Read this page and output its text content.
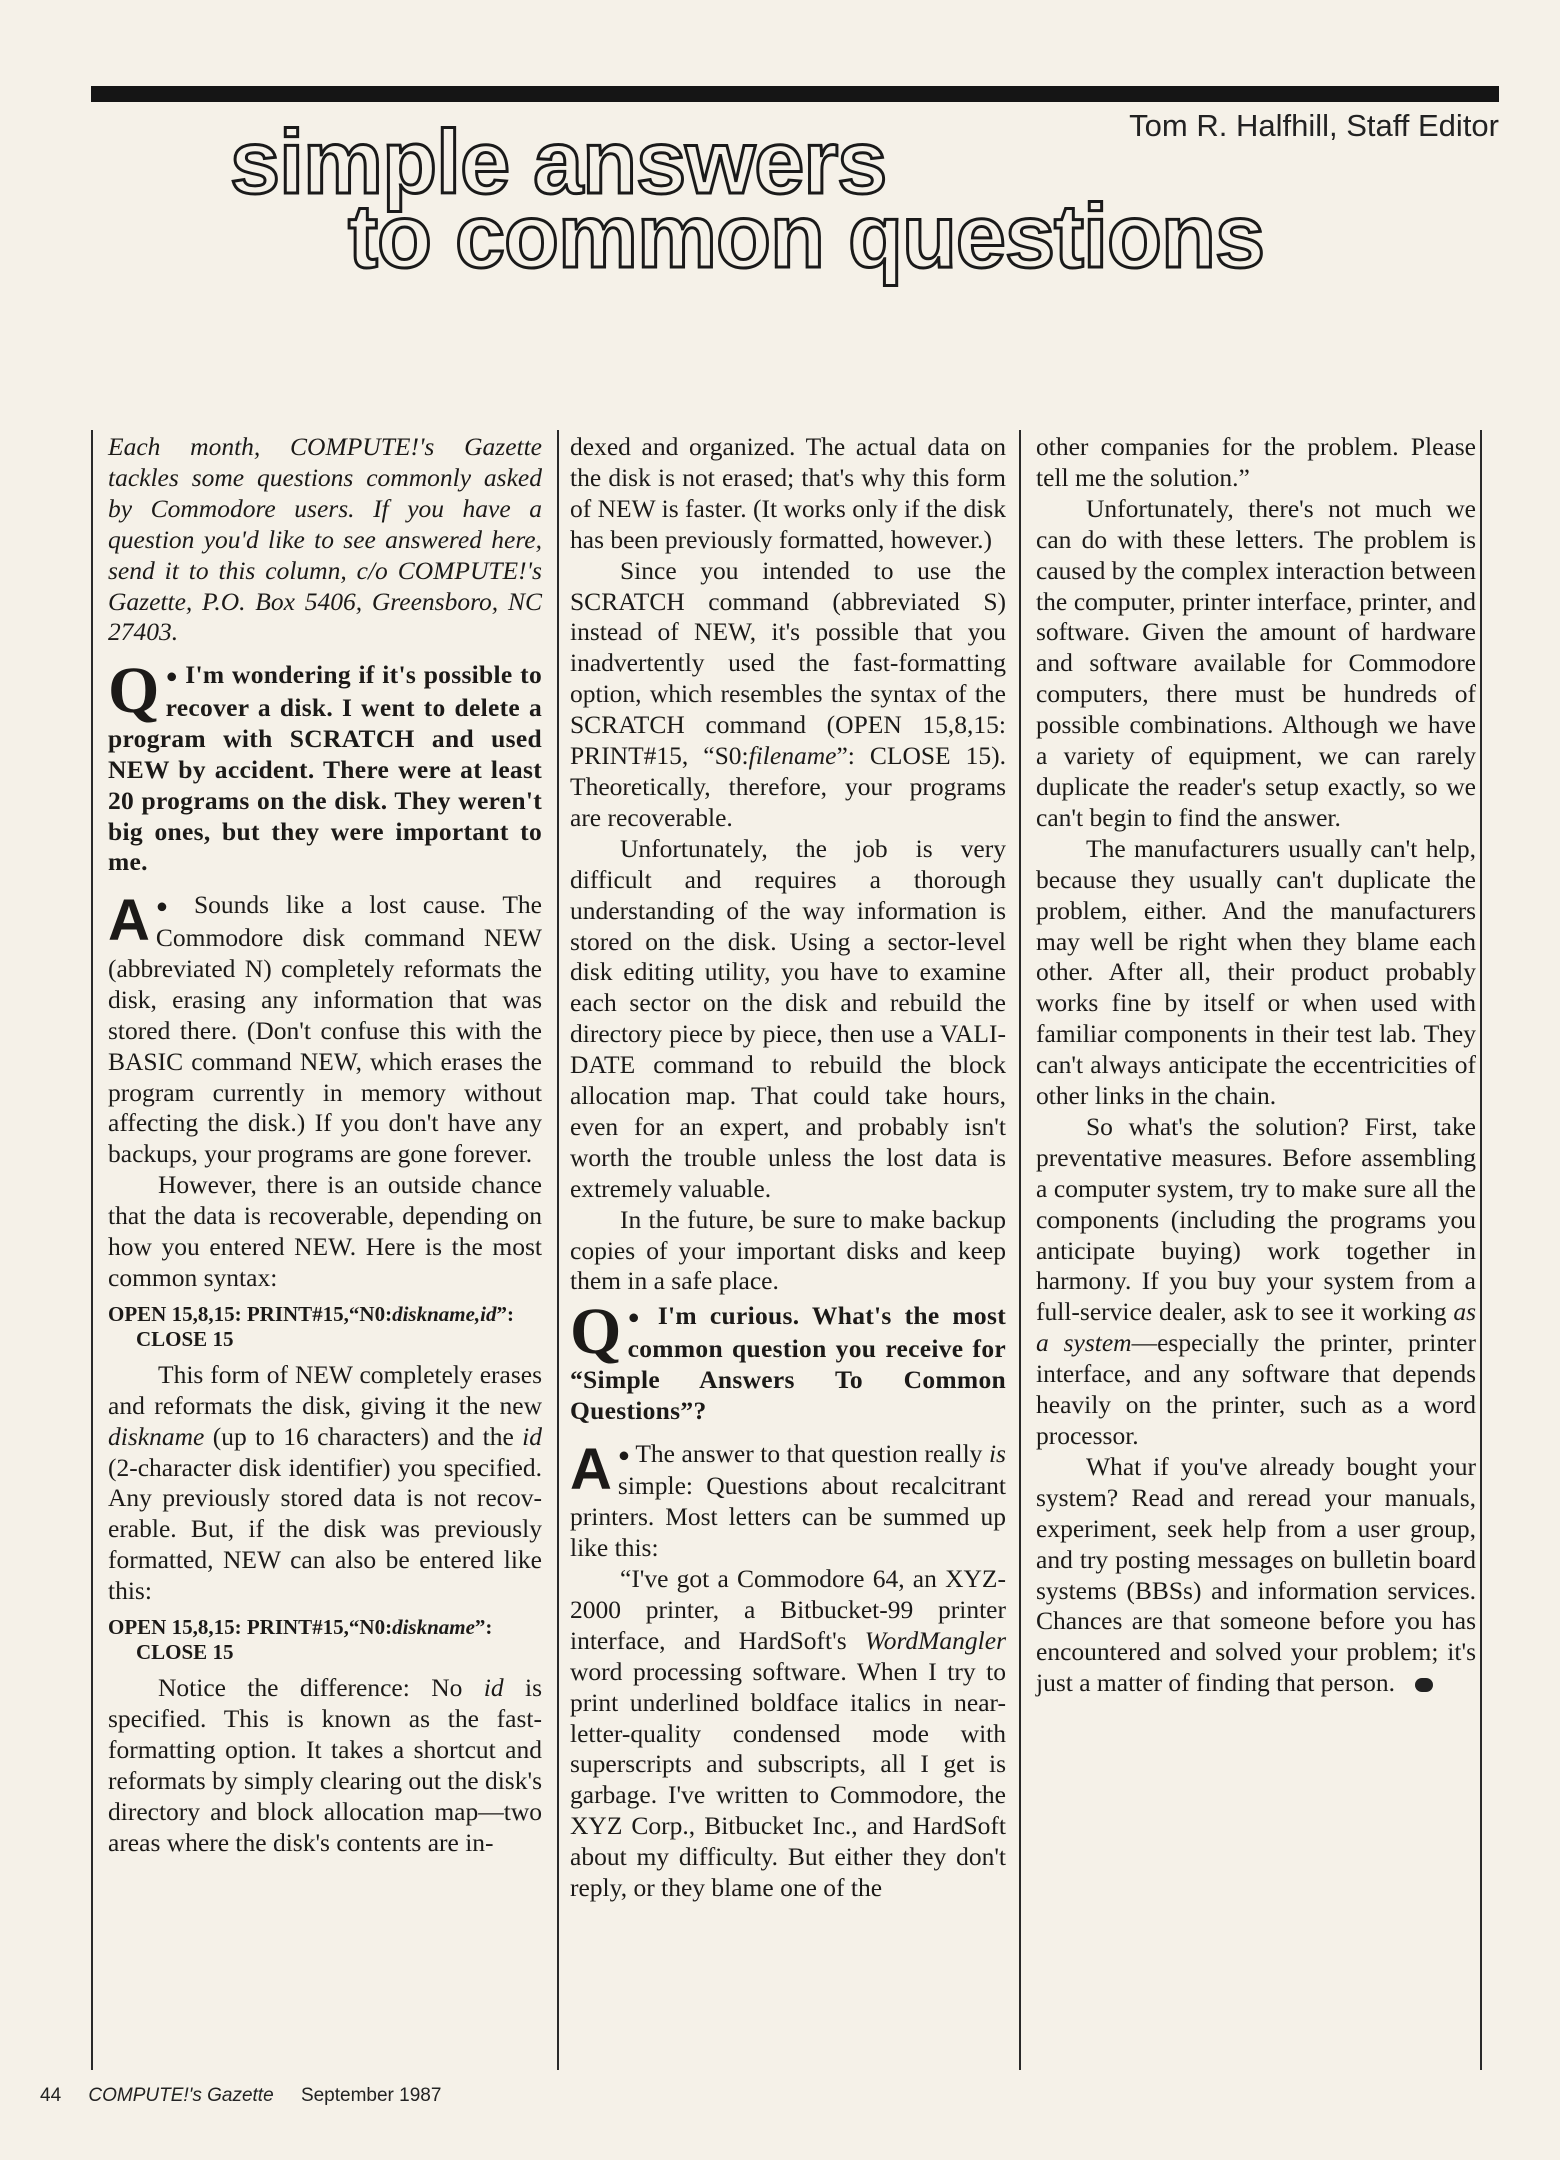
simple answers
to common questions
Tom R. Halfhill, Staff Editor

Each month, COMPUTE!'s Gazette tackles some questions commonly asked by Commodore users. If you have a question you'd like to see answered here, send it to this column, c/o COMPUTE!'s Gazette, P.O. Box 5406, Greensboro, NC 27403.

Q ● I'm wondering if it's possible to recover a disk. I went to delete a program with SCRATCH and used NEW by accident. There were at least 20 programs on the disk. They weren't big ones, but they were important to me.

A ● Sounds like a lost cause. The Commodore disk command NEW (abbreviated N) completely reformats the disk, erasing any information that was stored there. (Don't confuse this with the BASIC command NEW, which erases the program currently in memory without affecting the disk.) If you don't have any backups, your programs are gone forever.

However, there is an outside chance that the data is recoverable, depending on how you entered NEW. Here is the most common syntax:

OPEN 15,8,15: PRINT#15,“N0:diskname,id”: CLOSE 15

This form of NEW completely erases and reformats the disk, giving it the new diskname (up to 16 characters) and the id (2-character disk identifier) you specified. Any previously stored data is not recoverable. But, if the disk was previously formatted, NEW can also be entered like this:

OPEN 15,8,15: PRINT#15,“N0:diskname”: CLOSE 15

Notice the difference: No id is specified. This is known as the fast-formatting option. It takes a shortcut and reformats by simply clearing out the disk's directory and block allocation map—two areas where the disk's contents are in-

dexed and organized. The actual data on the disk is not erased; that's why this form of NEW is faster. (It works only if the disk has been previously formatted, however.)

Since you intended to use the SCRATCH command (abbreviated S) instead of NEW, it's possible that you inadvertently used the fast-formatting option, which resembles the syntax of the SCRATCH command (OPEN 15,8,15: PRINT#15, “S0:filename”: CLOSE 15). Theoretically, therefore, your programs are recoverable.

Unfortunately, the job is very difficult and requires a thorough understanding of the way information is stored on the disk. Using a sector-level disk editing utility, you have to examine each sector on the disk and rebuild the directory piece by piece, then use a VALIDATE command to rebuild the block allocation map. That could take hours, even for an expert, and probably isn't worth the trouble unless the lost data is extremely valuable.

In the future, be sure to make backup copies of your important disks and keep them in a safe place.

Q ● I'm curious. What's the most common question you receive for “Simple Answers To Common Questions”?

A ● The answer to that question really is simple: Questions about recalcitrant printers. Most letters can be summed up like this:

“I've got a Commodore 64, an XYZ-2000 printer, a Bitbucket-99 printer interface, and HardSoft's WordMangler word processing software. When I try to print underlined boldface italics in near-letter-quality condensed mode with superscripts and subscripts, all I get is garbage. I've written to Commodore, the XYZ Corp., Bitbucket Inc., and HardSoft about my difficulty. But either they don't reply, or they blame one of the

other companies for the problem. Please tell me the solution.”

Unfortunately, there's not much we can do with these letters. The problem is caused by the complex interaction between the computer, printer interface, printer, and software. Given the amount of hardware and software available for Commodore computers, there must be hundreds of possible combinations. Although we have a variety of equipment, we can rarely duplicate the reader's setup exactly, so we can't begin to find the answer.

The manufacturers usually can't help, because they usually can't duplicate the problem, either. And the manufacturers may well be right when they blame each other. After all, their product probably works fine by itself or when used with familiar components in their test lab. They can't always anticipate the eccentricities of other links in the chain.

So what's the solution? First, take preventative measures. Before assembling a computer system, try to make sure all the components (including the programs you anticipate buying) work together in harmony. If you buy your system from a full-service dealer, ask to see it working as a system—especially the printer, printer interface, and any software that depends heavily on the printer, such as a word processor.

What if you've already bought your system? Read and reread your manuals, experiment, seek help from a user group, and try posting messages on bulletin board systems (BBSs) and information services. Chances are that someone before you has encountered and solved your problem; it's just a matter of finding that person.

44 COMPUTE!'s Gazette September 1987
